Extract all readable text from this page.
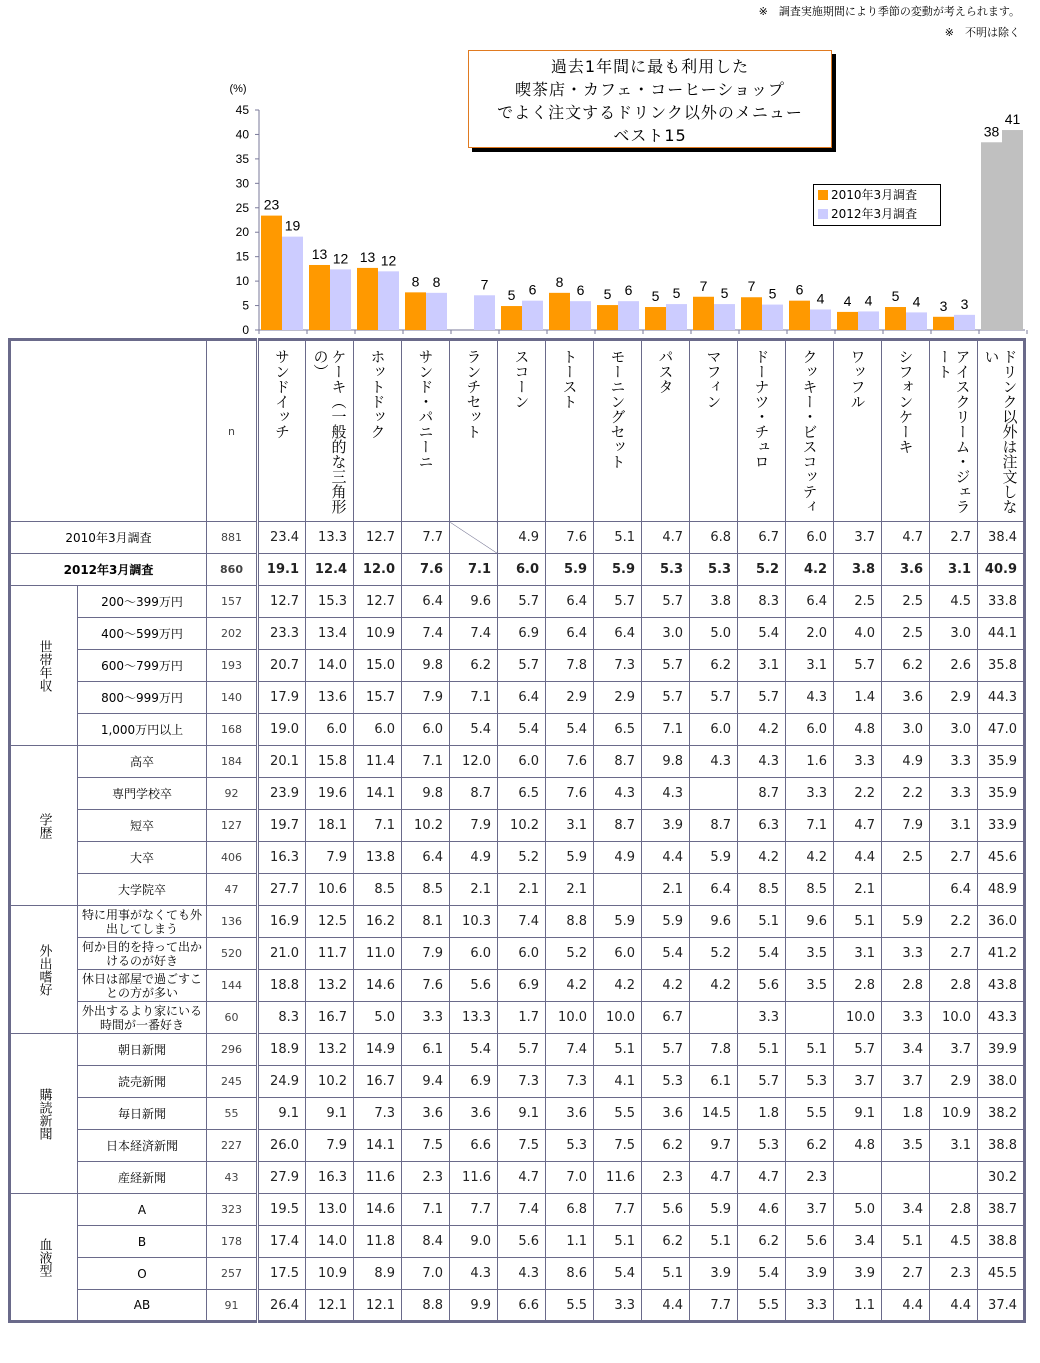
※　調査実施期間により季節の変動が考えられます。
※　不明は除く
0
5
10
15
20
25
30
35
40
45
(%)
23
19
13 12 13 12
8 8	7
5 6 8
6 5 6 5 5 7 5 7 5 6
4 4 4 5 4 3 3
38
41
過去1年間に最も利用した
喫茶店・カフェ・コーヒーショップ
でよく注文するドリンク以外のメニュー
ベスト15
2010年3月調査
2012年3月調査
		n	サンドイッチ	ケーキ（一般的な三角形の）	ホットドック	サンド・パニーニ	ランチセット	スコーン	トースト	モーニングセット	パスタ	マフィン	ドーナツ・チュロ	クッキー・ビスコッティ	ワッフル	シフォンケーキ	アイスクリーム・ジェラート	ドリンク以外は注文しない

2010年3月調査		881	23.4	13.3	12.7	7.7		4.9	7.6	5.1	4.7	6.8	6.7	6.0	3.7	4.7	2.7	38.4
2012年3月調査		860	19.1	12.4	12.0	7.6	7.1	6.0	5.9	5.9	5.3	5.3	5.2	4.2	3.8	3.6	3.1	40.9
世帯年収	200～399万円	157	12.7	15.3	12.7	6.4	9.6	5.7	6.4	5.7	5.7	3.8	8.3	6.4	2.5	2.5	4.5	33.8
	400～599万円	202	23.3	13.4	10.9	7.4	7.4	6.9	6.4	6.4	3.0	5.0	5.4	2.0	4.0	2.5	3.0	44.1
	600～799万円	193	20.7	14.0	15.0	9.8	6.2	5.7	7.8	7.3	5.7	6.2	3.1	3.1	5.7	6.2	2.6	35.8
	800～999万円	140	17.9	13.6	15.7	7.9	7.1	6.4	2.9	2.9	5.7	5.7	5.7	4.3	1.4	3.6	2.9	44.3
	1,000万円以上	168	19.0	6.0	6.0	6.0	5.4	5.4	5.4	6.5	7.1	6.0	4.2	6.0	4.8	3.0	3.0	47.0
学歴	高卒	184	20.1	15.8	11.4	7.1	12.0	6.0	7.6	8.7	9.8	4.3	4.3	1.6	3.3	4.9	3.3	35.9
	専門学校卒	92	23.9	19.6	14.1	9.8	8.7	6.5	7.6	4.3	4.3		8.7	3.3	2.2	2.2	3.3	35.9
	短卒	127	19.7	18.1	7.1	10.2	7.9	10.2	3.1	8.7	3.9	8.7	6.3	7.1	4.7	7.9	3.1	33.9
	大卒	406	16.3	7.9	13.8	6.4	4.9	5.2	5.9	4.9	4.4	5.9	4.2	4.2	4.4	2.5	2.7	45.6
	大学院卒	47	27.7	10.6	8.5	8.5	2.1	2.1	2.1		2.1	6.4	8.5	8.5	2.1		6.4	48.9
外出嗜好	特に用事がなくても外出してしまう	136	16.9	12.5	16.2	8.1	10.3	7.4	8.8	5.9	5.9	9.6	5.1	9.6	5.1	5.9	2.2	36.0
	何か目的を持って出かけるのが好き	520	21.0	11.7	11.0	7.9	6.0	6.0	5.2	6.0	5.4	5.2	5.4	3.5	3.1	3.3	2.7	41.2
	休日は部屋で過ごすことの方が多い	144	18.8	13.2	14.6	7.6	5.6	6.9	4.2	4.2	4.2	4.2	5.6	3.5	2.8	2.8	2.8	43.8
	外出するより家にいる時間が一番好き	60	8.3	16.7	5.0	3.3	13.3	1.7	10.0	10.0	6.7		3.3		10.0	3.3	10.0	43.3
購読新聞	朝日新聞	296	18.9	13.2	14.9	6.1	5.4	5.7	7.4	5.1	5.7	7.8	5.1	5.1	5.7	3.4	3.7	39.9
	読売新聞	245	24.9	10.2	16.7	9.4	6.9	7.3	7.3	4.1	5.3	6.1	5.7	5.3	3.7	3.7	2.9	38.0
	毎日新聞	55	9.1	9.1	7.3	3.6	3.6	9.1	3.6	5.5	3.6	14.5	1.8	5.5	9.1	1.8	10.9	38.2
	日本経済新聞	227	26.0	7.9	14.1	7.5	6.6	7.5	5.3	7.5	6.2	9.7	5.3	6.2	4.8	3.5	3.1	38.8
	産経新聞	43	27.9	16.3	11.6	2.3	11.6	4.7	7.0	11.6	2.3	4.7	4.7	2.3				30.2
血液型	A	323	19.5	13.0	14.6	7.1	7.7	7.4	6.8	7.7	5.6	5.9	4.6	3.7	5.0	3.4	2.8	38.7
	B	178	17.4	14.0	11.8	8.4	9.0	5.6	1.1	5.1	6.2	5.1	6.2	5.6	3.4	5.1	4.5	38.8
	O	257	17.5	10.9	8.9	7.0	4.3	4.3	8.6	5.4	5.1	3.9	5.4	3.9	3.9	2.7	2.3	45.5
	AB	91	26.4	12.1	12.1	8.8	9.9	6.6	5.5	3.3	4.4	7.7	5.5	3.3	1.1	4.4	4.4	37.4
